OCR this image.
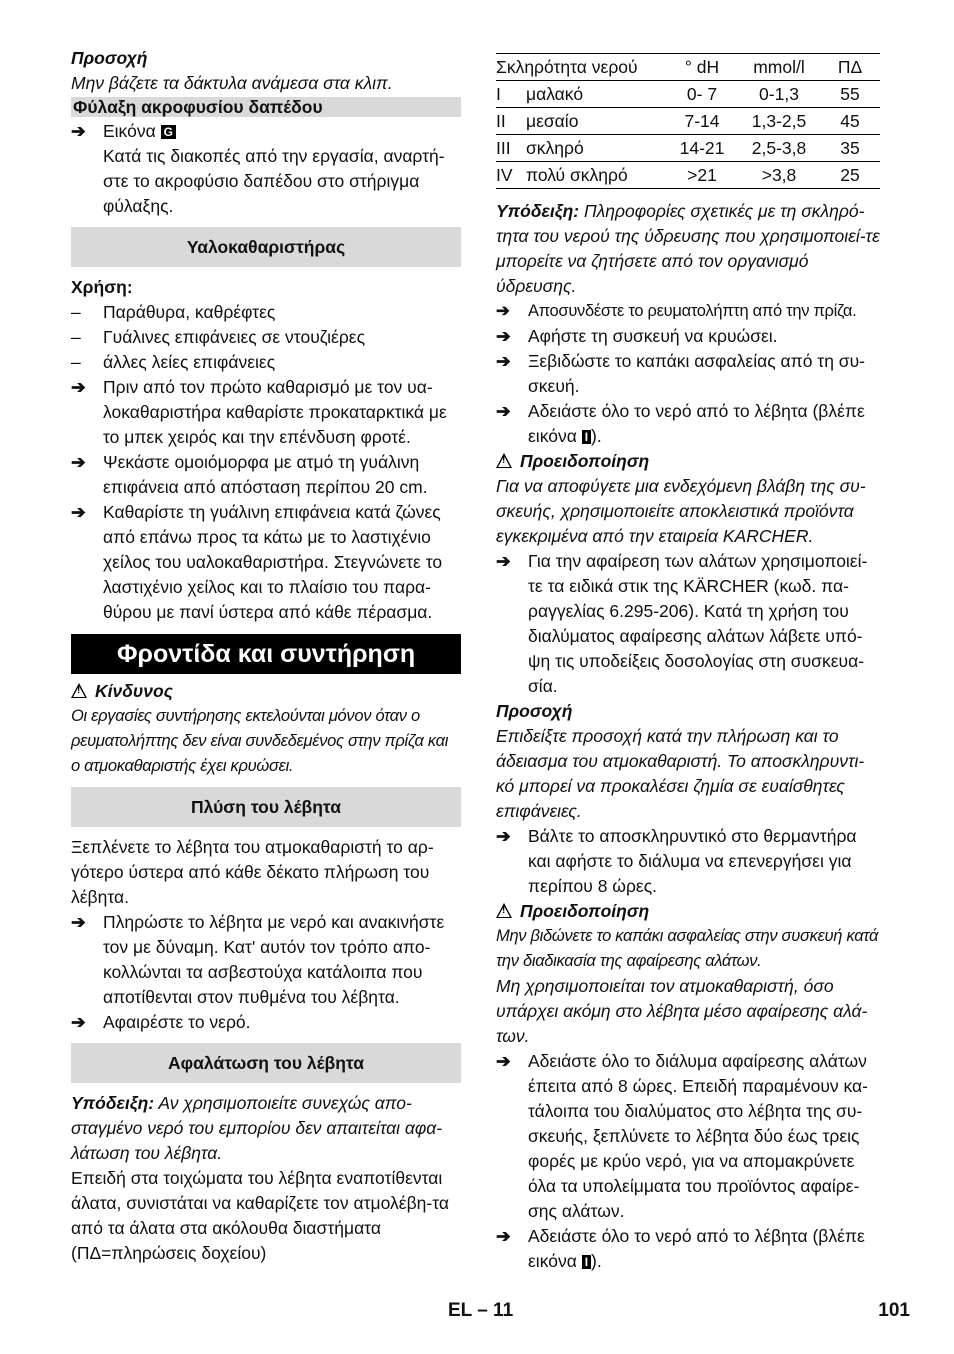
Προσοχή

Μην βάζετε τα δάκτυλα ανάμεσα στα κλιπ.

Φύλαξη ακροφυσίου δαπέδου
➔ Εικόνα G

Κατά τις διακοπές από την εργασία, αναρτή-στε το ακροφύσιο δαπέδου στο στήριγμα φύλαξης.

Υαλοκαθαριστήρας

Χρήση:

– Παράθυρα, καθρέφτες
– Γυάλινες επιφάνειες σε ντουζιέρες
– άλλες λείες επιφάνειες
➔ Πριν από τον πρώτο καθαρισμό με τον υα-λοκαθαριστήρα καθαρίστε προκαταρκτικά με το μπεκ χειρός και την επένδυση φροτέ.
➔ Ψεκάστε ομοιόμορφα με ατμό τη γυάλινη επιφάνεια από απόσταση περίπου 20 cm.
➔ Καθαρίστε τη γυάλινη επιφάνεια κατά ζώνες από επάνω προς τα κάτω με το λαστιχένιο χείλος του υαλοκαθαριστήρα. Στεγνώνετε το λαστιχένιο χείλος και το πλαίσιο του παρα-θύρου με πανί ύστερα από κάθε πέρασμα.
Φροντίδα και συντήρηση

!Κίνδυνος

Οι εργασίες συντήρησης εκτελούνται μόνον όταν ο ρευματολήπτης δεν είναι συνδεδεμένος στην πρίζα και ο ατμοκαθαριστής έχει κρυώσει.

Πλύση του λέβητα

Ξεπλένετε το λέβητα του ατμοκαθαριστή το αρ-γότερο ύστερα από κάθε δέκατο πλήρωση του λέβητα.

➔ Πληρώστε το λέβητα με νερό και ανακινήστε τον με δύναμη. Κατ' αυτόν τον τρόπο απο-κολλώνται τα ασβεστούχα κατάλοιπα που αποτίθενται στον πυθμένα του λέβητα.
➔ Αφαιρέστε το νερό.
Αφαλάτωση του λέβητα

Υπόδειξη: Αν χρησιμοποιείτε συνεχώς απο-σταγμένο νερό του εμπορίου δεν απαιτείται αφα-λάτωση του λέβητα.

Επειδή στα τοιχώματα του λέβητα εναποτίθενται άλατα, συνιστάται να καθαρίζετε τον ατμολέβη-τα από τα άλατα στα ακόλουθα διαστήματα (ΠΔ=πληρώσεις δοχείου)

Σκληρότητα νερού		° dH	mmol/l	ΠΔ
I	μαλακό	0- 7	0-1,3	55
II	μεσαίο	7-14	1,3-2,5	45
III	σκληρό	14-21	2,5-3,8	35
IV	πολύ σκληρό	>21	>3,8	25

Υπόδειξη: Πληροφορίες σχετικές με τη σκληρό-τητα του νερού της ύδρευσης που χρησιμοποιεί-τε μπορείτε να ζητήσετε από τον οργανισμό ύδρευσης.

➔ Αποσυνδέστε το ρευματολήπτη από την πρίζα.
➔ Αφήστε τη συσκευή να κρυώσει.
➔ Ξεβιδώστε το καπάκι ασφαλείας από τη συ-σκευή.
➔ Αδειάστε όλο το νερό από το λέβητα (βλέπε εικόνα I ).

!Προειδοποίηση

Για να αποφύγετε μια ενδεχόμενη βλάβη της συ-σκευής, χρησιμοποιείτε αποκλειστικά προϊόντα εγκεκριμένα από την εταιρεία KARCHER.

➔ Για την αφαίρεση των αλάτων χρησιμοποιεί-τε τα ειδικά στικ της KÄRCHER (κωδ. πα-ραγγελίας 6.295-206). Κατά τη χρήση του διαλύματος αφαίρεσης αλάτων λάβετε υπό-ψη τις υποδείξεις δοσολογίας στη συσκευα-σία.

Προσοχή

Επιδείξτε προσοχή κατά την πλήρωση και το άδειασμα του ατμοκαθαριστή. Το αποσκληρυντι-κό μπορεί να προκαλέσει ζημία σε ευαίσθητες επιφάνειες.

➔ Βάλτε το αποσκληρυντικό στο θερμαντήρα και αφήστε το διάλυμα να επενεργήσει για περίπου 8 ώρες.

!Προειδοποίηση

Μην βιδώνετε το καπάκι ασφαλείας στην συσκευή κατά την διαδικασία της αφαίρεσης αλάτων.

Μη χρησιμοποιείται τον ατμοκαθαριστή, όσο υπάρχει ακόμη στο λέβητα μέσο αφαίρεσης αλά-των.

➔ Αδειάστε όλο το διάλυμα αφαίρεσης αλάτων έπειτα από 8 ώρες. Επειδή παραμένουν κα-τάλοιπα του διαλύματος στο λέβητα της συ-σκευής, ξεπλύνετε το λέβητα δύο έως τρεις φορές με κρύο νερό, για να απομακρύνετε όλα τα υπολείμματα του προϊόντος αφαίρε-σης αλάτων.
➔ Αδειάστε όλο το νερό από το λέβητα (βλέπε εικόνα I ).
EL – 11	101
